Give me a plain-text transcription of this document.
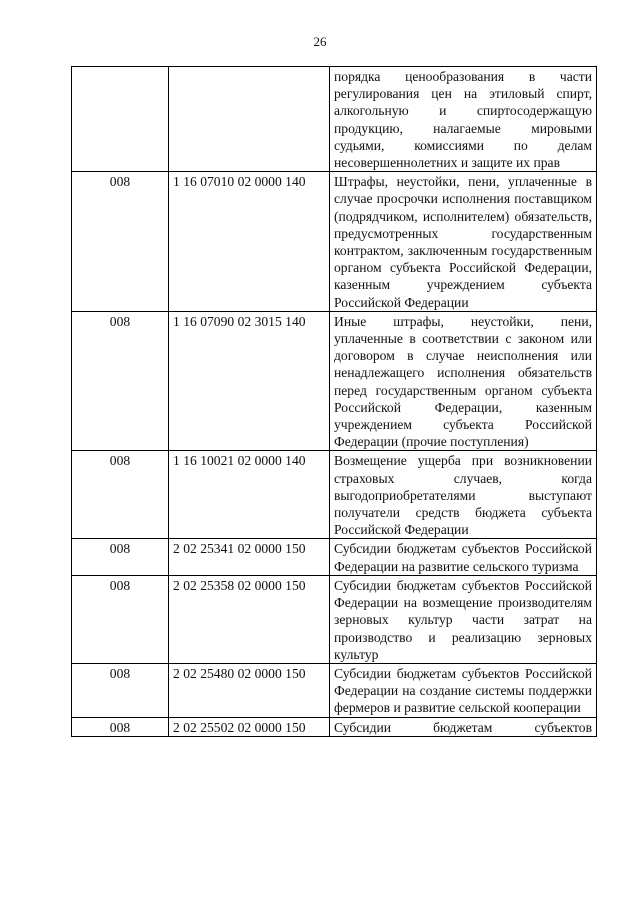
26
		порядка ценообразования в части регулирования цен на этиловый спирт, алкогольную и спиртосодержащую продукцию, налагаемые мировыми судьями, комиссиями по делам несовершеннолетних и защите их прав
008	1 16 07010 02 0000 140	Штрафы, неустойки, пени, уплаченные в случае просрочки исполнения поставщиком (подрядчиком, исполнителем) обязательств, предусмотренных государственным контрактом, заключенным государственным органом субъекта Российской Федерации, казенным учреждением субъекта Российской Федерации
008	1 16 07090 02 3015 140	Иные штрафы, неустойки, пени, уплаченные в соответствии с законом или договором в случае неисполнения или ненадлежащего исполнения обязательств перед государственным органом субъекта Российской Федерации, казенным учреждением субъекта Российской Федерации (прочие поступления)
008	1 16 10021 02 0000 140	Возмещение ущерба при возникновении страховых случаев, когда выгодоприобретателями выступают получатели средств бюджета субъекта Российской Федерации
008	2 02 25341 02 0000 150	Субсидии бюджетам субъектов Российской Федерации на развитие сельского туризма
008	2 02 25358 02 0000 150	Субсидии бюджетам субъектов Российской Федерации на возмещение производителям зерновых культур части затрат на производство и реализацию зерновых культур
008	2 02 25480 02 0000 150	Субсидии бюджетам субъектов Российской Федерации на создание системы поддержки фермеров и развитие сельской кооперации
008	2 02 25502 02 0000 150	Субсидии бюджетам субъектов
